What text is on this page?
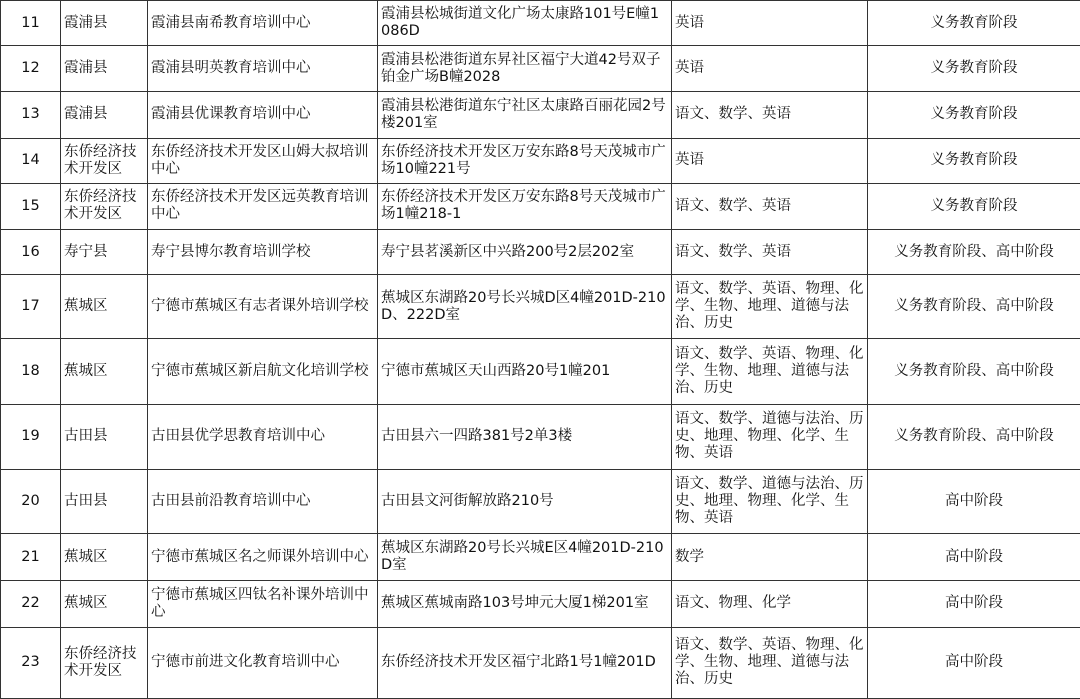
11	霞浦县	霞浦县南希教育培训中心	霞浦县松城街道文化广场太康路101号E幢1086D	英语	义务教育阶段
12	霞浦县	霞浦县明英教育培训中心	霞浦县松港街道东昇社区福宁大道42号双子铂金广场B幢2028	英语	义务教育阶段
13	霞浦县	霞浦县优课教育培训中心	霞浦县松港街道东宁社区太康路百丽花园2号楼201室	语文、数学、英语	义务教育阶段
14	东侨经济技术开发区	东侨经济技术开发区山姆大叔培训中心	东侨经济技术开发区万安东路8号天茂城市广场10幢221号	英语	义务教育阶段
15	东侨经济技术开发区	东侨经济技术开发区远英教育培训中心	东侨经济技术开发区万安东路8号天茂城市广场1幢218-1	语文、数学、英语	义务教育阶段
16	寿宁县	寿宁县博尔教育培训学校	寿宁县茗溪新区中兴路200号2层202室	语文、数学、英语	义务教育阶段、高中阶段
17	蕉城区	宁德市蕉城区有志者课外培训学校	蕉城区东湖路20号长兴城D区4幢201D-210D、222D室	语文、数学、英语、物理、化学、生物、地理、道德与法治、历史	义务教育阶段、高中阶段
18	蕉城区	宁德市蕉城区新启航文化培训学校	宁德市蕉城区天山西路20号1幢201	语文、数学、英语、物理、化学、生物、地理、道德与法治、历史	义务教育阶段、高中阶段
19	古田县	古田县优学思教育培训中心	古田县六一四路381号2单3楼	语文、数学、道德与法治、历史、地理、物理、化学、生物、英语	义务教育阶段、高中阶段
20	古田县	古田县前沿教育培训中心	古田县文河街解放路210号	语文、数学、道德与法治、历史、地理、物理、化学、生物、英语	高中阶段
21	蕉城区	宁德市蕉城区名之师课外培训中心	蕉城区东湖路20号长兴城E区4幢201D-210D室	数学	高中阶段
22	蕉城区	宁德市蕉城区四钛名补课外培训中心	蕉城区蕉城南路103号坤元大厦1梯201室	语文、物理、化学	高中阶段
23	东侨经济技术开发区	宁德市前进文化教育培训中心	东侨经济技术开发区福宁北路1号1幢201D	语文、数学、英语、物理、化学、生物、地理、道德与法治、历史	高中阶段
